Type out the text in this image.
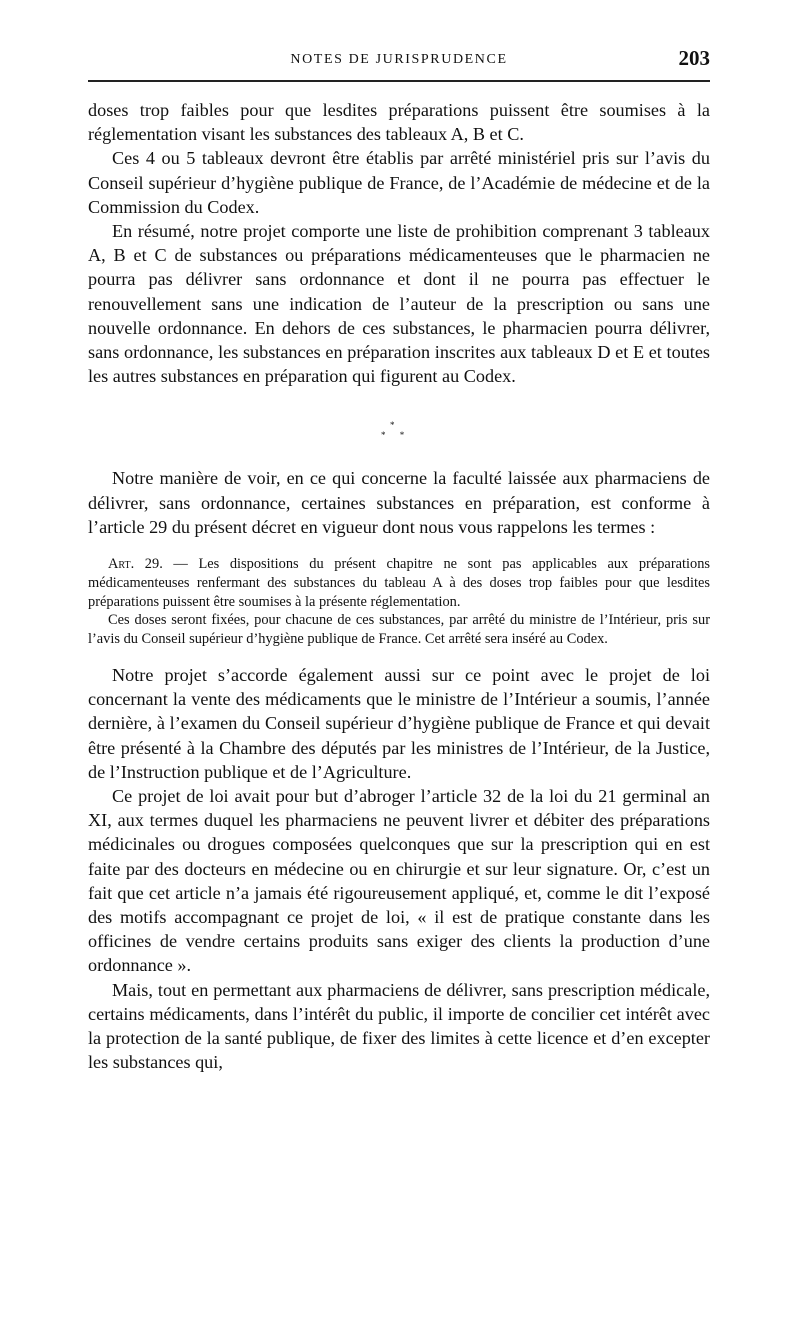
NOTES DE JURISPRUDENCE	203

doses trop faibles pour que lesdites préparations puissent être soumises à la réglementation visant les substances des tableaux A, B et C.

Ces 4 ou 5 tableaux devront être établis par arrêté ministériel pris sur l’avis du Conseil supérieur d’hygiène publique de France, de l’Académie de médecine et de la Commission du Codex.

En résumé, notre projet comporte une liste de prohibition comprenant 3 tableaux A, B et C de substances ou préparations médicamenteuses que le pharmacien ne pourra pas délivrer sans ordonnance et dont il ne pourra pas effectuer le renouvellement sans une indication de l’auteur de la prescription ou sans une nouvelle ordonnance. En dehors de ces substances, le pharmacien pourra délivrer, sans ordonnance, les substances en préparation inscrites aux tableaux D et E et toutes les autres substances en préparation qui figurent au Codex.

*
* *

Notre manière de voir, en ce qui concerne la faculté laissée aux pharmaciens de délivrer, sans ordonnance, certaines substances en préparation, est conforme à l’article 29 du présent décret en vigueur dont nous vous rappelons les termes :

Art. 29. — Les dispositions du présent chapitre ne sont pas applicables aux préparations médicamenteuses renfermant des substances du tableau A à des doses trop faibles pour que lesdites préparations puissent être soumises à la présente réglementation.

Ces doses seront fixées, pour chacune de ces substances, par arrêté du ministre de l’Intérieur, pris sur l’avis du Conseil supérieur d’hygiène publique de France. Cet arrêté sera inséré au Codex.

Notre projet s’accorde également aussi sur ce point avec le projet de loi concernant la vente des médicaments que le ministre de l’Intérieur a soumis, l’année dernière, à l’examen du Conseil supérieur d’hygiène publique de France et qui devait être présenté à la Chambre des députés par les ministres de l’Intérieur, de la Justice, de l’Instruction publique et de l’Agriculture.

Ce projet de loi avait pour but d’abroger l’article 32 de la loi du 21 germinal an XI, aux termes duquel les pharmaciens ne peuvent livrer et débiter des préparations médicinales ou drogues composées quelconques que sur la prescription qui en est faite par des docteurs en médecine ou en chirurgie et sur leur signature. Or, c’est un fait que cet article n’a jamais été rigoureusement appliqué, et, comme le dit l’exposé des motifs accompagnant ce projet de loi, « il est de pratique constante dans les officines de vendre certains produits sans exiger des clients la production d’une ordonnance ».

Mais, tout en permettant aux pharmaciens de délivrer, sans prescription médicale, certains médicaments, dans l’intérêt du public, il importe de concilier cet intérêt avec la protection de la santé publique, de fixer des limites à cette licence et d’en excepter les substances qui,
